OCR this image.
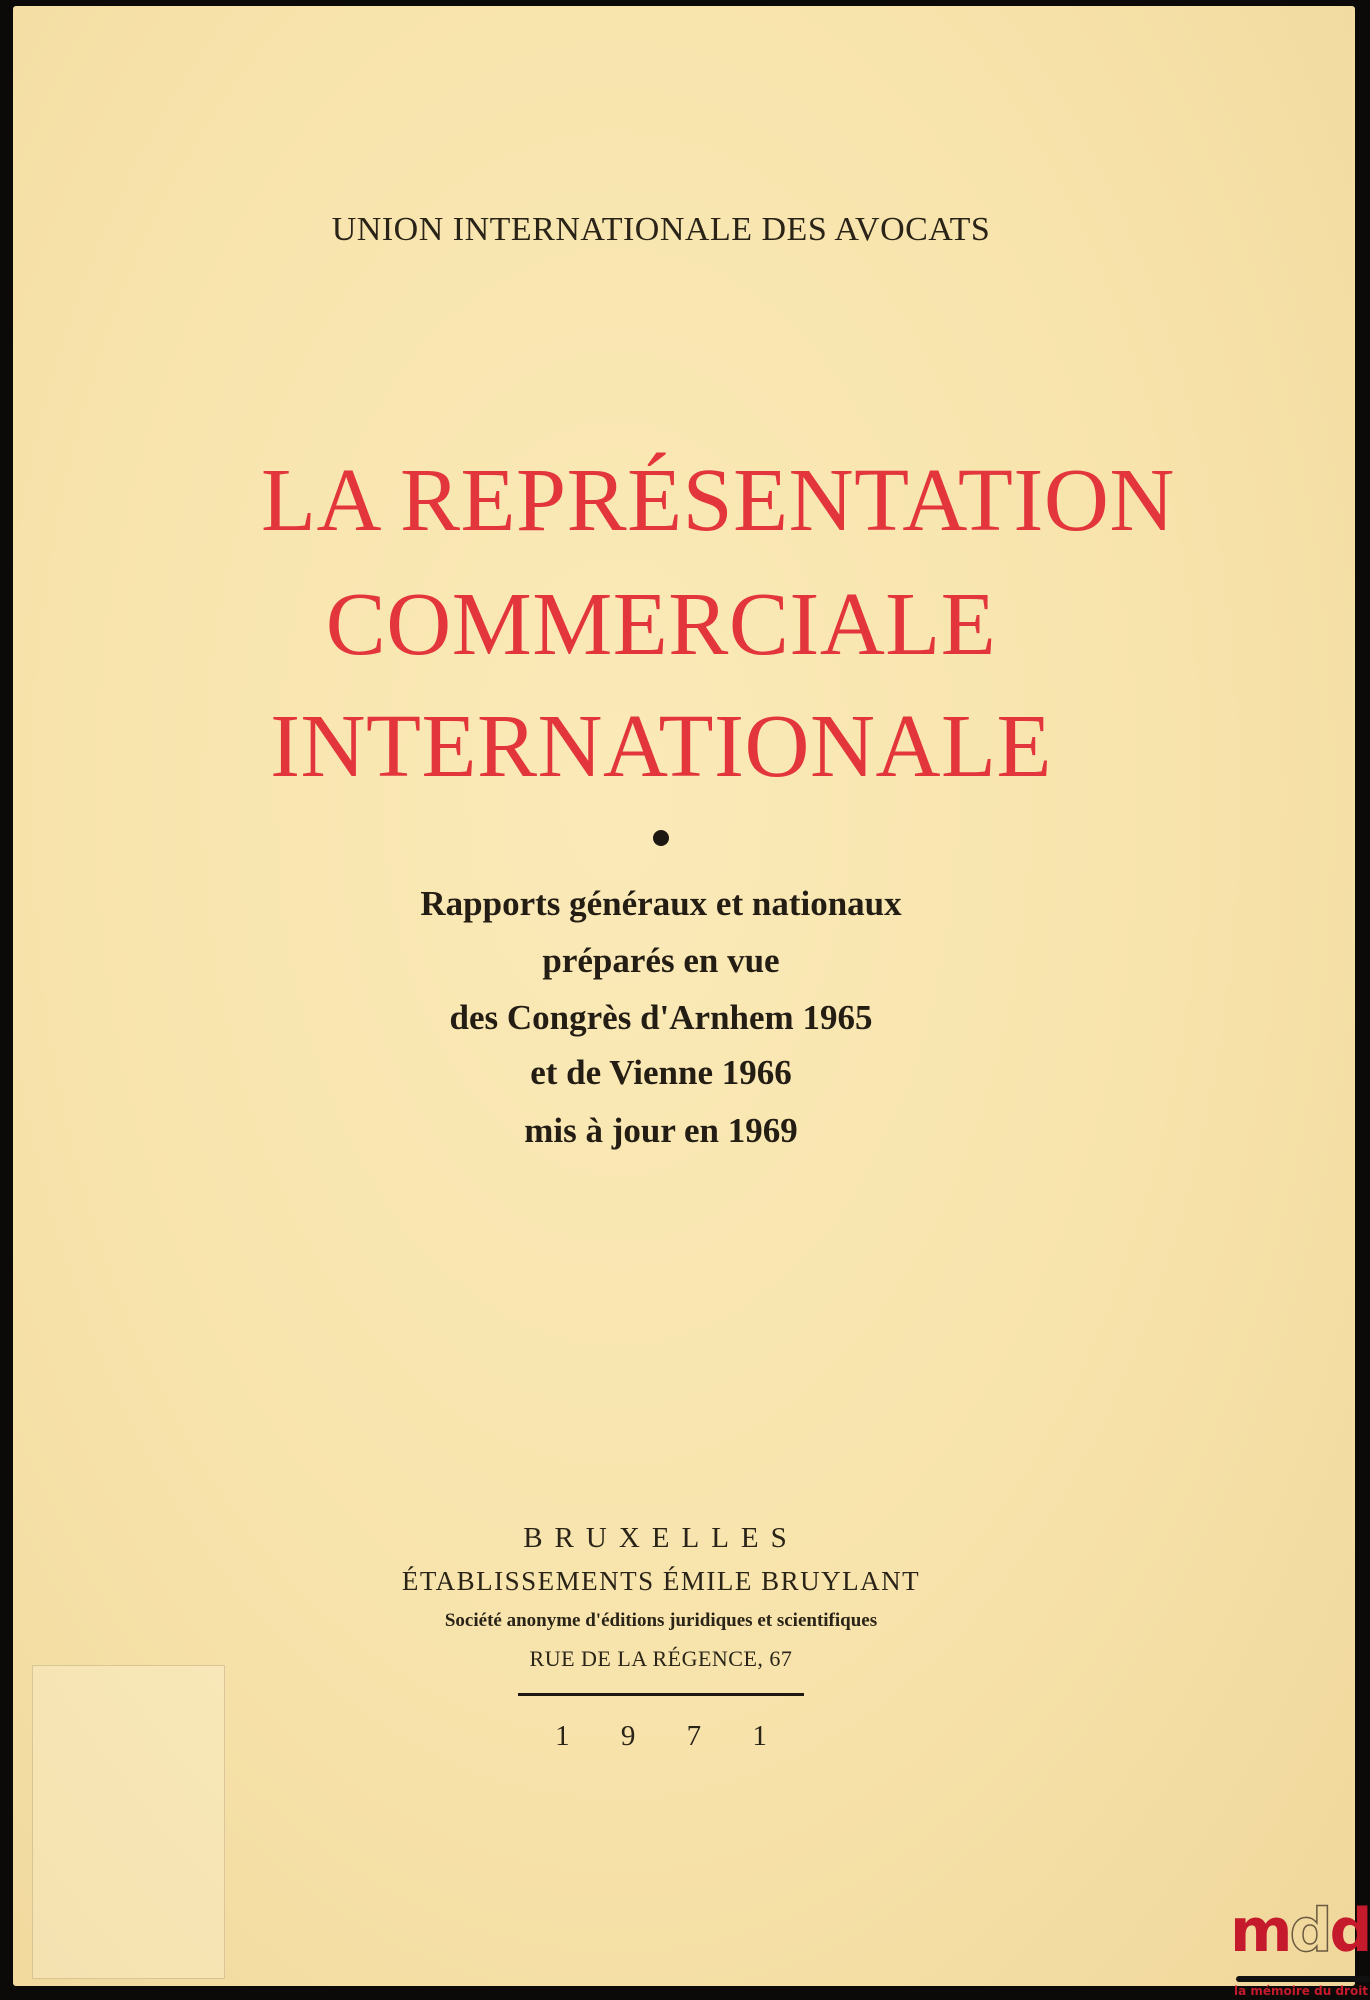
UNION INTERNATIONALE DES AVOCATS
LA REPRÉSENTATION
COMMERCIALE
INTERNATIONALE
Rapports généraux et nationaux
préparés en vue
des Congrès d'Arnhem 1965
et de Vienne 1966
mis à jour en 1969
BRUXELLES
ÉTABLISSEMENTS ÉMILE BRUYLANT
Société anonyme d'éditions juridiques et scientifiques
RUE DE LA RÉGENCE, 67
1 9 7 1
mdd
la mémoire du droit
